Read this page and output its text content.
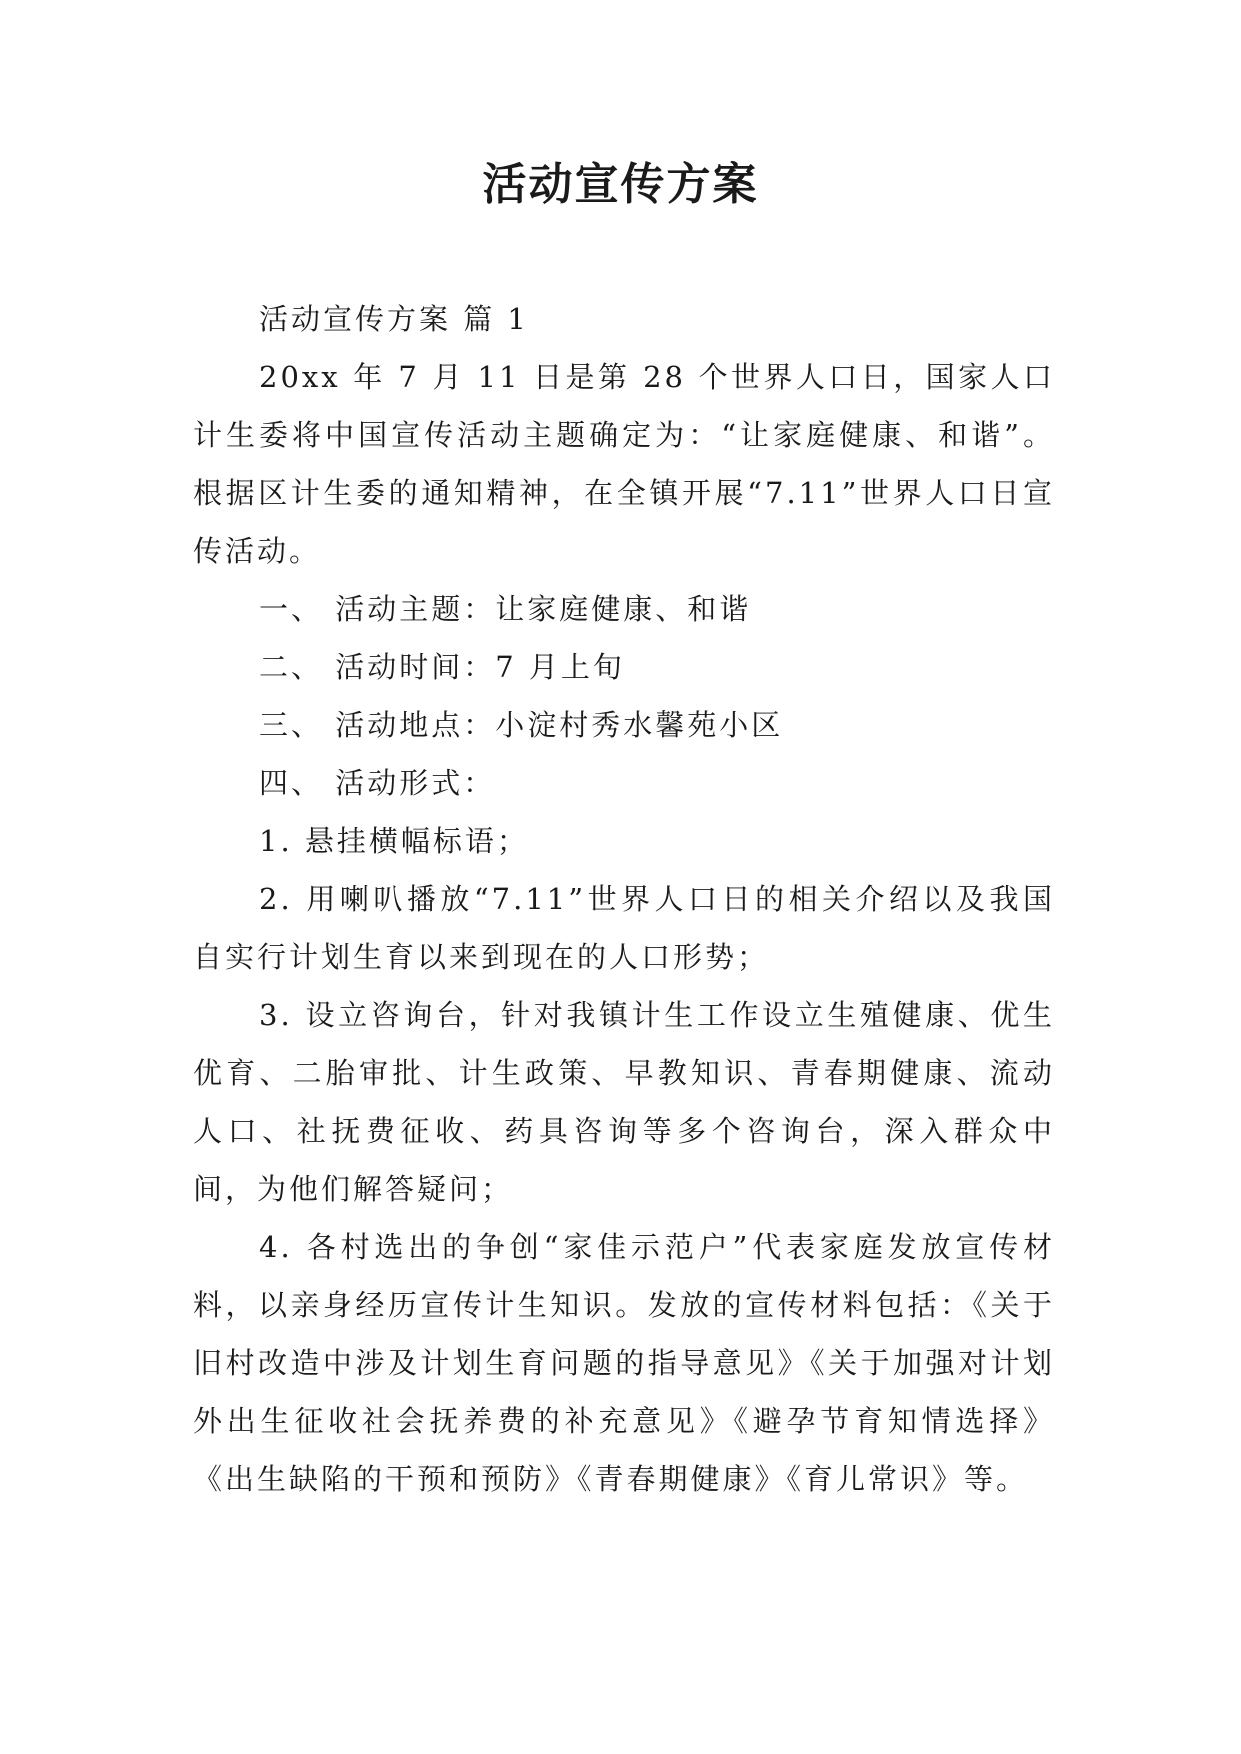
活动宣传方案

活动宣传方案 篇 1

20xx 年 7 月 11 日是第 28 个世界人口日，国家人口计生委将中国宣传活动主题确定为：“让家庭健康、和谐”。根据区计生委的通知精神，在全镇开展“7.11”世界人口日宣传活动。

一、 活动主题：让家庭健康、和谐

二、 活动时间：7 月上旬

三、 活动地点：小淀村秀水馨苑小区

四、 活动形式：

1. 悬挂横幅标语；

2. 用喇叭播放“7.11”世界人口日的相关介绍以及我国自实行计划生育以来到现在的人口形势；

3. 设立咨询台，针对我镇计生工作设立生殖健康、优生优育、二胎审批、计生政策、早教知识、青春期健康、流动人口、社抚费征收、药具咨询等多个咨询台，深入群众中间，为他们解答疑问；

4. 各村选出的争创“家佳示范户”代表家庭发放宣传材料，以亲身经历宣传计生知识。发放的宣传材料包括：《关于旧村改造中涉及计划生育问题的指导意见》《关于加强对计划外出生征收社会抚养费的补充意见》《避孕节育知情选择》《出生缺陷的干预和预防》《青春期健康》《育儿常识》等。
